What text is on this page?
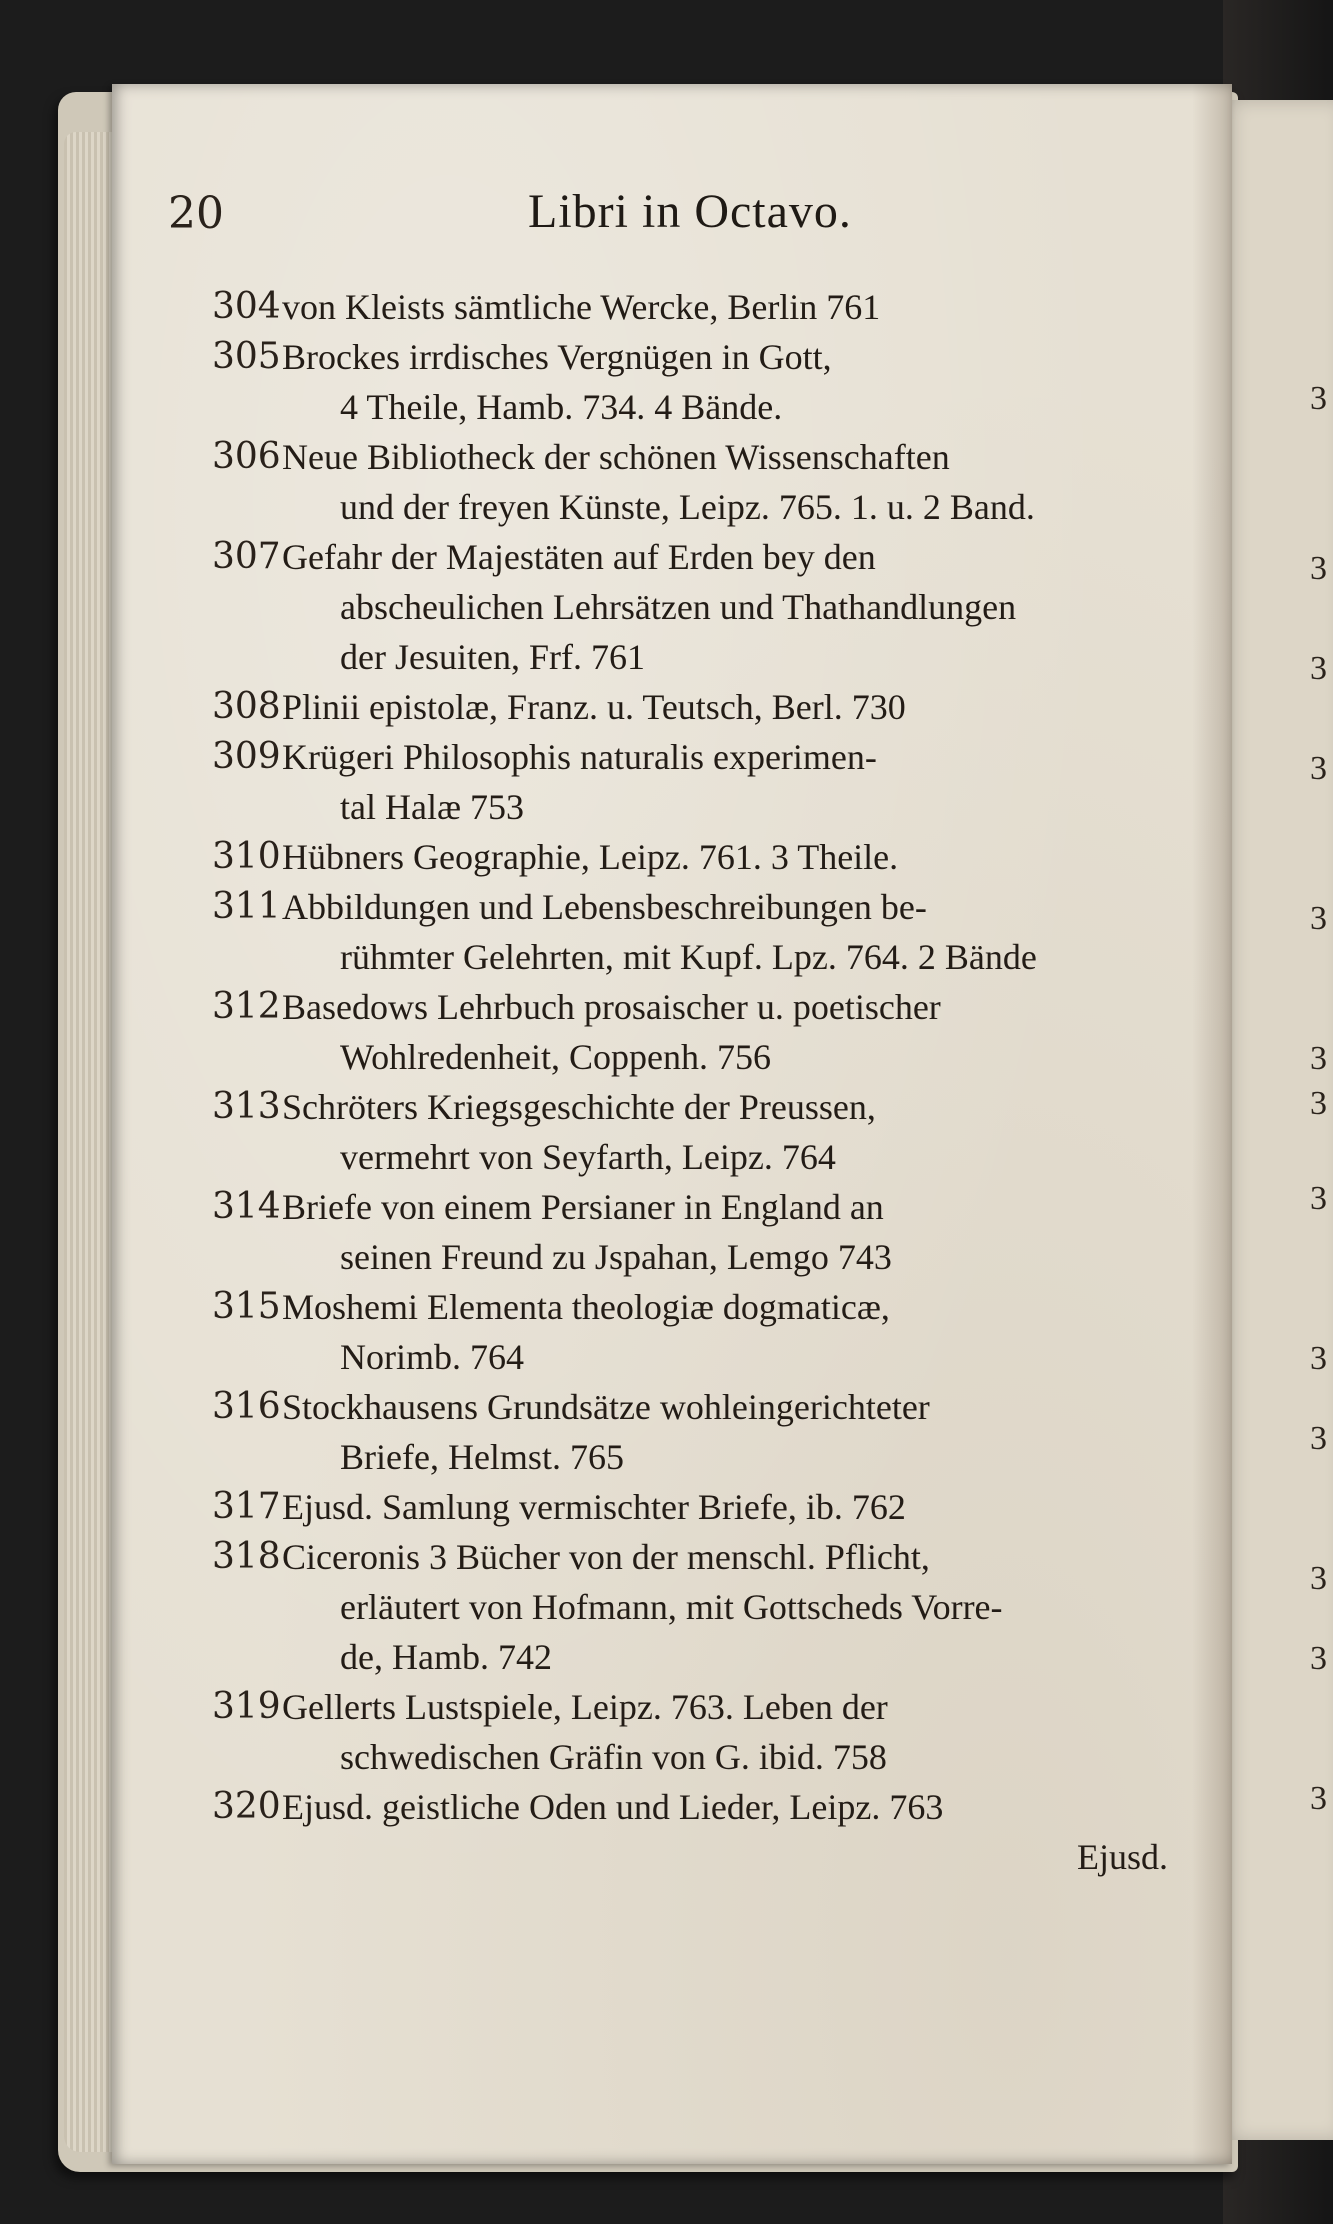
20	Libri in Octavo.
304 von Kleists sämtliche Wercke, Berlin 761
305 Brockes irrdisches Vergnügen in Gott,
4 Theile, Hamb. 734. 4 Bände.
306 Neue Bibliotheck der schönen Wissenschaften
und der freyen Künste, Leipz. 765. 1. u. 2 Band.
307 Gefahr der Majestäten auf Erden bey den
abscheulichen Lehrsätzen und Thathandlungen
der Jesuiten, Frf. 761
308 Plinii epistolæ, Franz. u. Teutsch, Berl. 730
309 Krügeri Philosophis naturalis experimen-
tal Halæ 753
310 Hübners Geographie, Leipz. 761. 3 Theile.
311 Abbildungen und Lebensbeschreibungen be-
rühmter Gelehrten, mit Kupf. Lpz. 764. 2 Bände
312 Basedows Lehrbuch prosaischer u. poetischer
Wohlredenheit, Coppenh. 756
313 Schröters Kriegsgeschichte der Preussen,
vermehrt von Seyfarth, Leipz. 764
314 Briefe von einem Persianer in England an
seinen Freund zu Jspahan, Lemgo 743
315 Moshemi Elementa theologiæ dogmaticæ,
Norimb. 764
316 Stockhausens Grundsätze wohleingerichteter
Briefe, Helmst. 765
317 Ejusd. Samlung vermischter Briefe, ib. 762
318 Ciceronis 3 Bücher von der menschl. Pflicht,
erläutert von Hofmann, mit Gottscheds Vorre-
de, Hamb. 742
319 Gellerts Lustspiele, Leipz. 763. Leben der
schwedischen Gräfin von G. ibid. 758
320 Ejusd. geistliche Oden und Lieder, Leipz. 763
Ejusd.
3
3
3
3
3
3
3
3
3
3
3
3
3
